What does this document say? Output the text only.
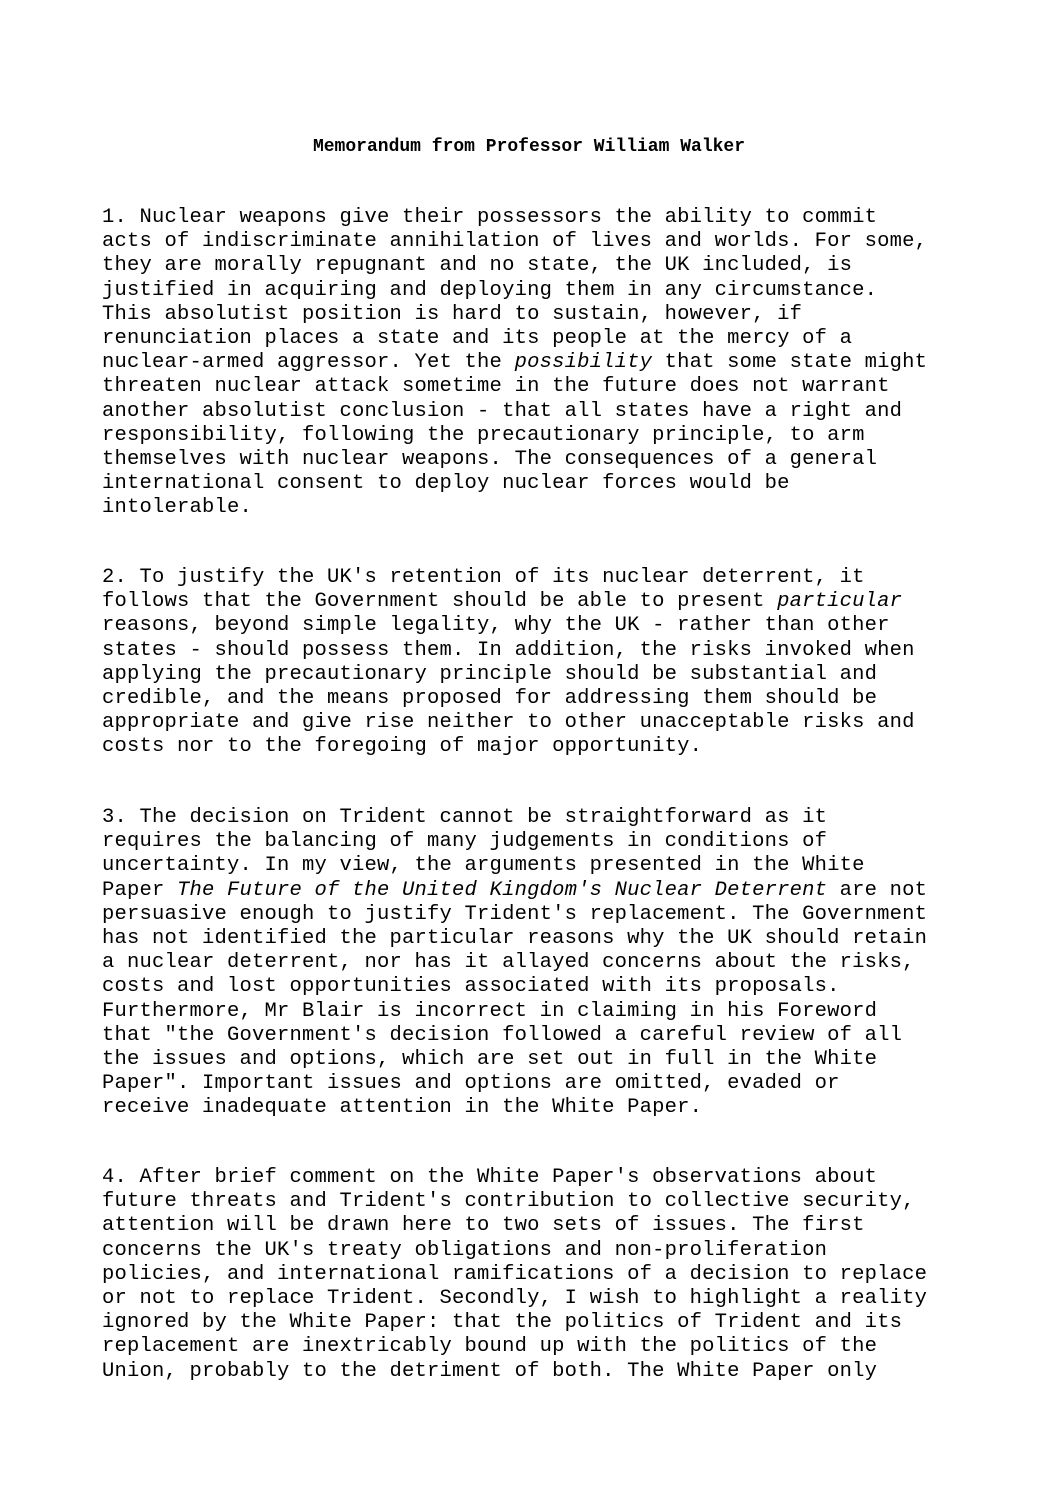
Memorandum from Professor William Walker
1. Nuclear weapons give their possessors the ability to commit
acts of indiscriminate annihilation of lives and worlds. For some,
they are morally repugnant and no state, the UK included, is
justified in acquiring and deploying them in any circumstance.
This absolutist position is hard to sustain, however, if
renunciation places a state and its people at the mercy of a
nuclear-armed aggressor. Yet the possibility that some state might
threaten nuclear attack sometime in the future does not warrant
another absolutist conclusion - that all states have a right and
responsibility, following the precautionary principle, to arm
themselves with nuclear weapons. The consequences of a general
international consent to deploy nuclear forces would be
intolerable.
2. To justify the UK's retention of its nuclear deterrent, it
follows that the Government should be able to present particular
reasons, beyond simple legality, why the UK - rather than other
states - should possess them. In addition, the risks invoked when
applying the precautionary principle should be substantial and
credible, and the means proposed for addressing them should be
appropriate and give rise neither to other unacceptable risks and
costs nor to the foregoing of major opportunity.
3. The decision on Trident cannot be straightforward as it
requires the balancing of many judgements in conditions of
uncertainty. In my view, the arguments presented in the White
Paper The Future of the United Kingdom's Nuclear Deterrent are not
persuasive enough to justify Trident's replacement. The Government
has not identified the particular reasons why the UK should retain
a nuclear deterrent, nor has it allayed concerns about the risks,
costs and lost opportunities associated with its proposals.
Furthermore, Mr Blair is incorrect in claiming in his Foreword
that "the Government's decision followed a careful review of all
the issues and options, which are set out in full in the White
Paper". Important issues and options are omitted, evaded or
receive inadequate attention in the White Paper.
4. After brief comment on the White Paper's observations about
future threats and Trident's contribution to collective security,
attention will be drawn here to two sets of issues. The first
concerns the UK's treaty obligations and non-proliferation
policies, and international ramifications of a decision to replace
or not to replace Trident. Secondly, I wish to highlight a reality
ignored by the White Paper: that the politics of Trident and its
replacement are inextricably bound up with the politics of the
Union, probably to the detriment of both. The White Paper only
